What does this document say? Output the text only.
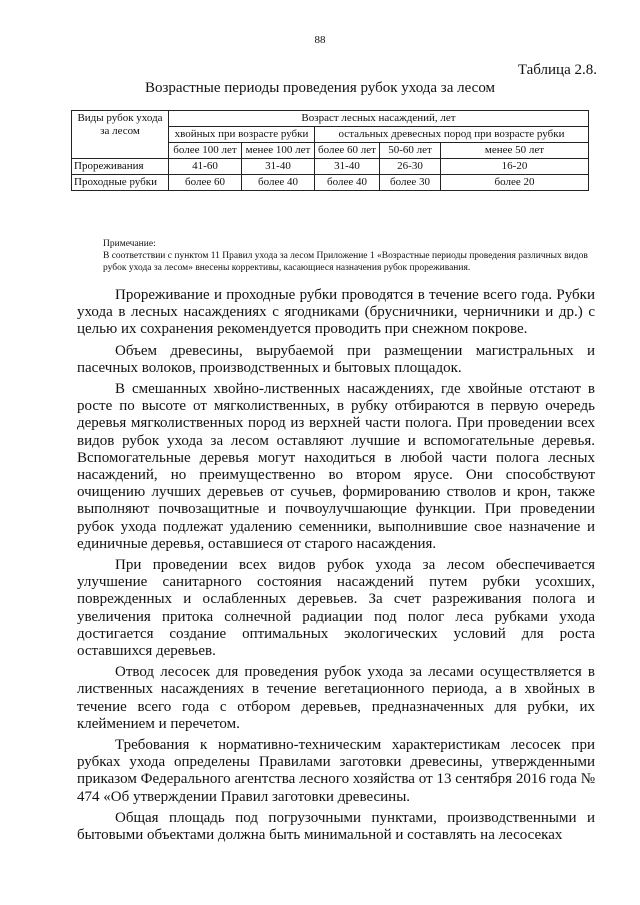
88
Таблица 2.8.
Возрастные периоды проведения рубок ухода за лесом
Виды рубок ухода за лесом	Возраст лесных насаждений, лет				
	хвойных при возрасте рубки		остальных древесных пород при возрасте рубки		
	более 100 лет	менее 100 лет	более 60 лет	50-60 лет	менее 50 лет
Прореживания	41-60	31-40	31-40	26-30	16-20
Проходные рубки	более 60	более 40	более 40	более 30	более 20

Примечание:

В соответствии с пунктом 11 Правил ухода за лесом Приложение 1 «Возрастные периоды проведения различных видов рубок ухода за лесом» внесены коррективы, касающиеся назначения рубок прореживания.

Прореживание и проходные рубки проводятся в течение всего года. Рубки ухода в лесных насаждениях с ягодниками (брусничники, черничники и др.) с целью их сохранения рекомендуется проводить при снежном покрове.

Объем древесины, вырубаемой при размещении магистральных и пасечных волоков, производственных и бытовых площадок.

В смешанных хвойно-лиственных насаждениях, где хвойные отстают в росте по высоте от мягколиственных, в рубку отбираются в первую очередь деревья мягколиственных пород из верхней части полога. При проведении всех видов рубок ухода за лесом оставляют лучшие и вспомогательные деревья. Вспомогательные деревья могут находиться в любой части полога лесных насаждений, но преимущественно во втором ярусе. Они способствуют очищению лучших деревьев от сучьев, формированию стволов и крон, также выполняют почвозащитные и почвоулучшающие функции. При проведении рубок ухода подлежат удалению семенники, выполнившие свое назначение и единичные деревья, оставшиеся от старого насаждения.

При проведении всех видов рубок ухода за лесом обеспечивается улучшение санитарного состояния насаждений путем рубки усохших, поврежденных и ослабленных деревьев. За счет разреживания полога и увеличения притока солнечной радиации под полог леса рубками ухода достигается создание оптимальных экологических условий для роста оставшихся деревьев.

Отвод лесосек для проведения рубок ухода за лесами осуществляется в лиственных насаждениях в течение вегетационного периода, а в хвойных в течение всего года с отбором деревьев, предназначенных для рубки, их клеймением и перечетом.

Требования к нормативно-техническим характеристикам лесосек при рубках ухода определены Правилами заготовки древесины, утвержденными приказом Федерального агентства лесного хозяйства от 13 сентября 2016 года № 474 «Об утверждении Правил заготовки древесины.

Общая площадь под погрузочными пунктами, производственными и бытовыми объектами должна быть минимальной и составлять на лесосеках
